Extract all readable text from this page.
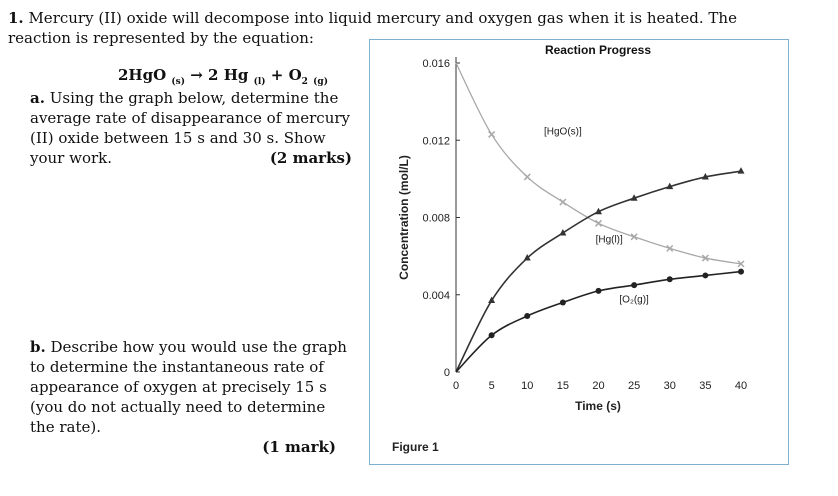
1. Mercury (II) oxide will decompose into liquid mercury and oxygen gas when it is heated. The reaction is represented by the equation:
2HgO $_{(s)}$ → 2 Hg $_{(l)} + O_2$ $_{(g)}$
a. Using the graph below, determine the average rate of disappearance of mercury (II) oxide between 15 s and 30 s. Show your work.	(2 marks)
b. Describe how you would use the graph to determine the instantaneous rate of appearance of oxygen at precisely 15 s (you do not actually need to determine the rate).
(1 mark)
Reaction Progress
0
0.004
0.008
0.012
0.016
0	5 10 15 20 25 30 35 40
Time (s)
Concentration (mol/L)
[HgO(s)]
[Hg(l)]
[O₂(g)]
Figure 1
